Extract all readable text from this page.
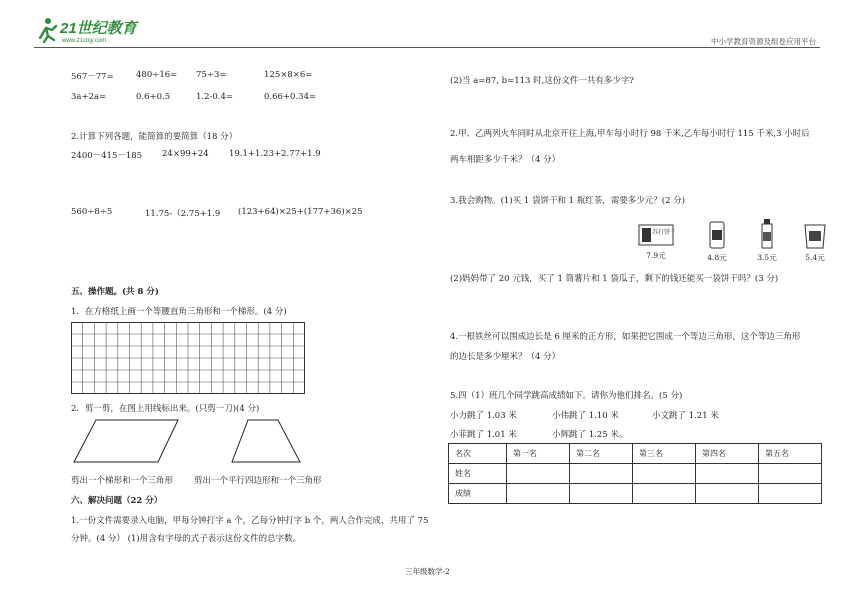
21世纪教育
www.21cnjy.com	中小学教育资源及组卷应用平台
567－77=	480÷16= 75÷3=	125×8×6=
3a+2a=	0.6+0.5	1.2-0.4=	0.66+0.34=
2.计算下列各题，能简算的要简算（18 分）
2400－415－185 24×99+24 19.1+1.23+2.77+1.9
560÷8÷5	11.75-（2.75+1.9 (123+64)×25+(177+36)×25
五、操作题。(共 8 分)
1．在方格纸上画一个等腰直角三角形和一个梯形。(4 分)
2．剪一剪，在图上用线标出来。(只剪一刀)(4 分)
剪出一个梯形和一个三角形 剪出一个平行四边形和一个三角形
六、解决问题（22 分）
1.一份文件需要录入电脑，甲每分钟打字 a 个，乙每分钟打字 b 个，两人合作完成，共用了 75
分钟。(4 分） (1)用含有字母的式子表示这份文件的总字数。
(2)当 a=87, b=113 时,这份文件一共有多少字?
2.甲、乙两列火车同时从北京开往上海,甲车每小时行 98 千米,乙车每小时行 115 千米,3 小时后
两车相距多少千米？（4 分）
3.我会购物。(1)买 1 袋饼干和 1 瓶红茶，需要多少元？(2 分)
苏打饼干
7.9元	4.8元	3.5元	5.4元
(2)妈妈带了 20 元钱，买了 1 筒薯片和 1 袋瓜子，剩下的钱还能买一袋饼干吗？(3 分)
4.一根铁丝可以围成边长是 6 厘米的正方形，如果把它围成一个等边三角形，这个等边三角形
的边长是多少厘米？（4 分）
5.四（1）班几个同学跳高成绩如下。请你为他们排名。(5 分)
小力跳了 1.03 米	小伟跳了 1.10 米	小文跳了 1.21 米
小菲跳了 1.01 米	小辉跳了 1.25 米。
名次	第一名	第二名	第三名	第四名	第五名
姓名					
成绩					
三年级数学-2
